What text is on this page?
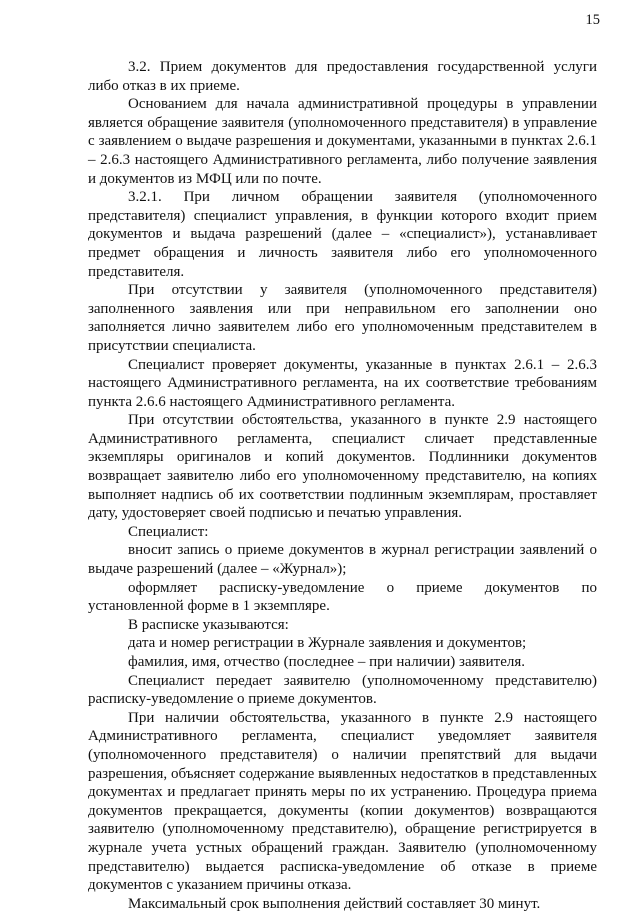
15

3.2. Прием документов для предоставления государственной услуги либо отказ в их приеме.

Основанием для начала административной процедуры в управлении является обращение заявителя (уполномоченного представителя) в управление с заявлением о выдаче разрешения и документами, указанными в пунктах 2.6.1 – 2.6.3 настоящего Административного регламента, либо получение заявления и документов из МФЦ или по почте.

3.2.1. При личном обращении заявителя (уполномоченного представителя) специалист управления, в функции которого входит прием документов и выдача разрешений (далее – «специалист»), устанавливает предмет обращения и личность заявителя либо его уполномоченного представителя.

При отсутствии у заявителя (уполномоченного представителя) заполненного заявления или при неправильном его заполнении оно заполняется лично заявителем либо его уполномоченным представителем в присутствии специалиста.

Специалист проверяет документы, указанные в пунктах 2.6.1 – 2.6.3 настоящего Административного регламента, на их соответствие требованиям пункта 2.6.6 настоящего Административного регламента.

При отсутствии обстоятельства, указанного в пункте 2.9 настоящего Административного регламента, специалист сличает представленные экземпляры оригиналов и копий документов. Подлинники документов возвращает заявителю либо его уполномоченному представителю, на копиях выполняет надпись об их соответствии подлинным экземплярам, проставляет дату, удостоверяет своей подписью и печатью управления.

Специалист:

вносит запись о приеме документов в журнал регистрации заявлений о выдаче разрешений (далее – «Журнал»);

оформляет расписку-уведомление о приеме документов по установленной форме в 1 экземпляре.

В расписке указываются:

дата и номер регистрации в Журнале заявления и документов;

фамилия, имя, отчество (последнее – при наличии) заявителя.

Специалист передает заявителю (уполномоченному представителю) расписку-уведомление о приеме документов.

При наличии обстоятельства, указанного в пункте 2.9 настоящего Административного регламента, специалист уведомляет заявителя (уполномоченного представителя) о наличии препятствий для выдачи разрешения, объясняет содержание выявленных недостатков в представленных документах и предлагает принять меры по их устранению. Процедура приема документов прекращается, документы (копии документов) возвращаются заявителю (уполномоченному представителю), обращение регистрируется в журнале учета устных обращений граждан. Заявителю (уполномоченному представителю) выдается расписка-уведомление об отказе в приеме документов с указанием причины отказа.

Максимальный срок выполнения действий составляет 30 минут.
